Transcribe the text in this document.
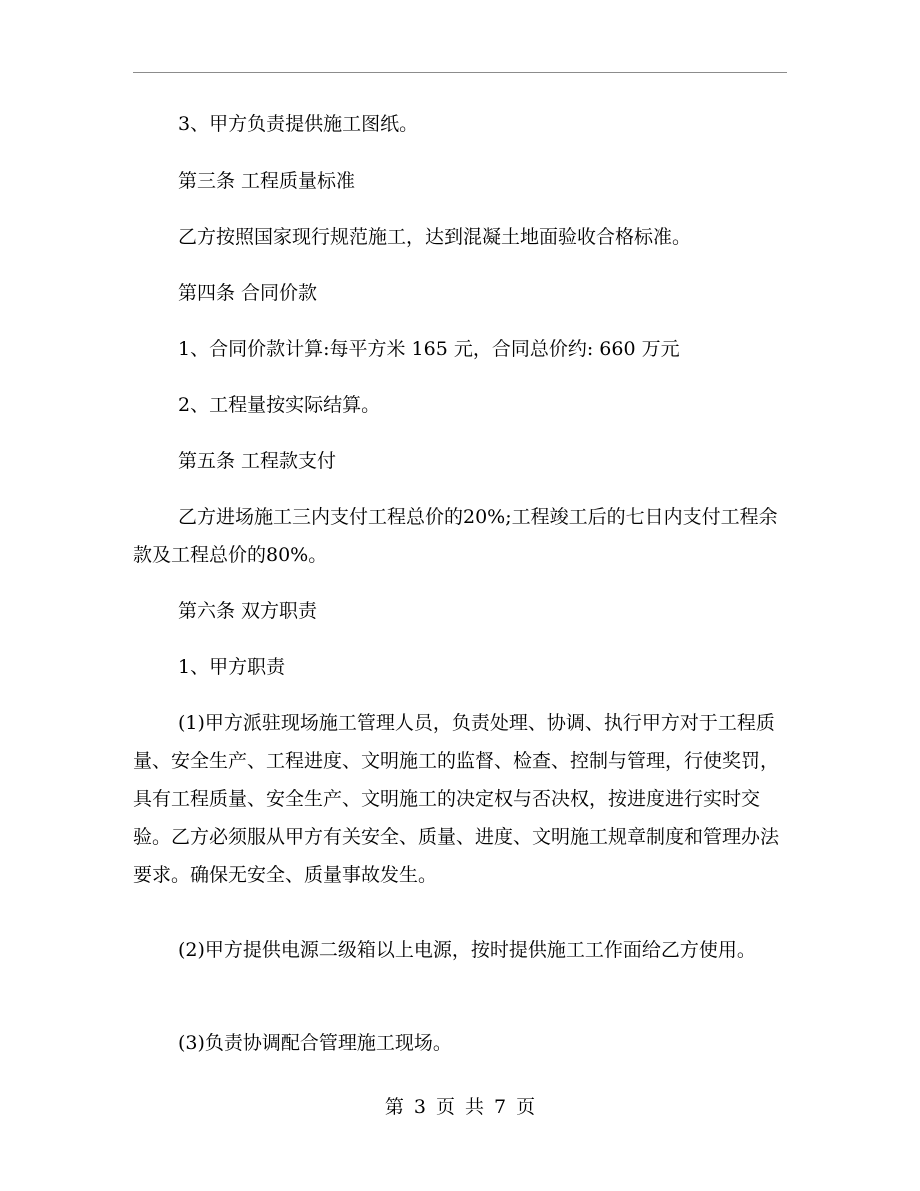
3、甲方负责提供施工图纸。

第三条 工程质量标准

乙方按照国家现行规范施工，达到混凝土地面验收合格标准。

第四条 合同价款

1、合同价款计算:每平方米 165 元，合同总价约: 660 万元

2、工程量按实际结算。

第五条 工程款支付

乙方进场施工三内支付工程总价的20%;工程竣工后的七日内支付工程余款及工程总价的80%。

第六条 双方职责

1、甲方职责

(1)甲方派驻现场施工管理人员，负责处理、协调、执行甲方对于工程质量、安全生产、工程进度、文明施工的监督、检查、控制与管理，行使奖罚，具有工程质量、安全生产、文明施工的决定权与否决权，按进度进行实时交验。乙方必须服从甲方有关安全、质量、进度、文明施工规章制度和管理办法要求。确保无安全、质量事故发生。

(2)甲方提供电源二级箱以上电源，按时提供施工工作面给乙方使用。

(3)负责协调配合管理施工现场。

第 3 页 共 7 页
